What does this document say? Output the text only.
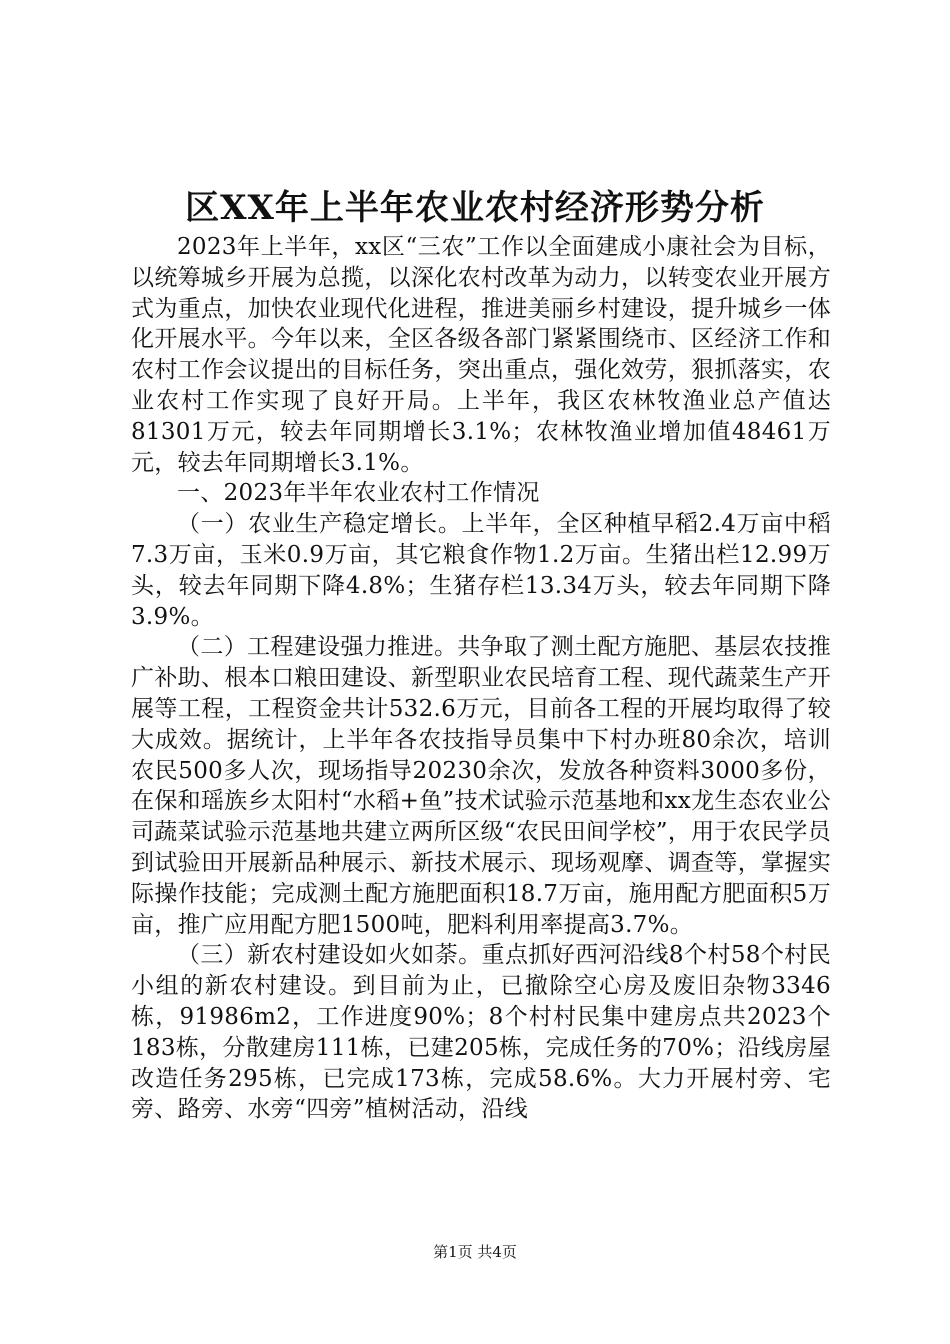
区XX年上半年农业农村经济形势分析

2023年上半年，xx区“三农”工作以全面建成小康社会为目标，以统筹城乡开展为总揽，以深化农村改革为动力，以转变农业开展方式为重点，加快农业现代化进程，推进美丽乡村建设，提升城乡一体化开展水平。今年以来，全区各级各部门紧紧围绕市、区经济工作和农村工作会议提出的目标任务，突出重点，强化效劳，狠抓落实，农业农村工作实现了良好开局。上半年，我区农林牧渔业总产值达81301万元，较去年同期增长3.1%；农林牧渔业增加值48461万元，较去年同期增长3.1%。

一、2023年半年农业农村工作情况

（一）农业生产稳定增长。上半年，全区种植早稻2.4万亩中稻7.3万亩，玉米0.9万亩，其它粮食作物1.2万亩。生猪出栏12.99万头，较去年同期下降4.8%；生猪存栏13.34万头，较去年同期下降3.9%。

（二）工程建设强力推进。共争取了测土配方施肥、基层农技推广补助、根本口粮田建设、新型职业农民培育工程、现代蔬菜生产开展等工程，工程资金共计532.6万元，目前各工程的开展均取得了较大成效。据统计，上半年各农技指导员集中下村办班80余次，培训农民500多人次，现场指导20230余次，发放各种资料3000多份，在保和瑶族乡太阳村“水稻+鱼”技术试验示范基地和xx龙生态农业公司蔬菜试验示范基地共建立两所区级“农民田间学校”，用于农民学员到试验田开展新品种展示、新技术展示、现场观摩、调查等，掌握实际操作技能；完成测土配方施肥面积18.7万亩，施用配方肥面积5万亩，推广应用配方肥1500吨，肥料利用率提高3.7%。

（三）新农村建设如火如荼。重点抓好西河沿线8个村58个村民小组的新农村建设。到目前为止，已撤除空心房及废旧杂物3346栋，91986m2，工作进度90%；8个村村民集中建房点共2023个183栋，分散建房111栋，已建205栋，完成任务的70%；沿线房屋改造任务295栋，已完成173栋，完成58.6%。大力开展村旁、宅旁、路旁、水旁“四旁”植树活动，沿线

第1页 共4页
